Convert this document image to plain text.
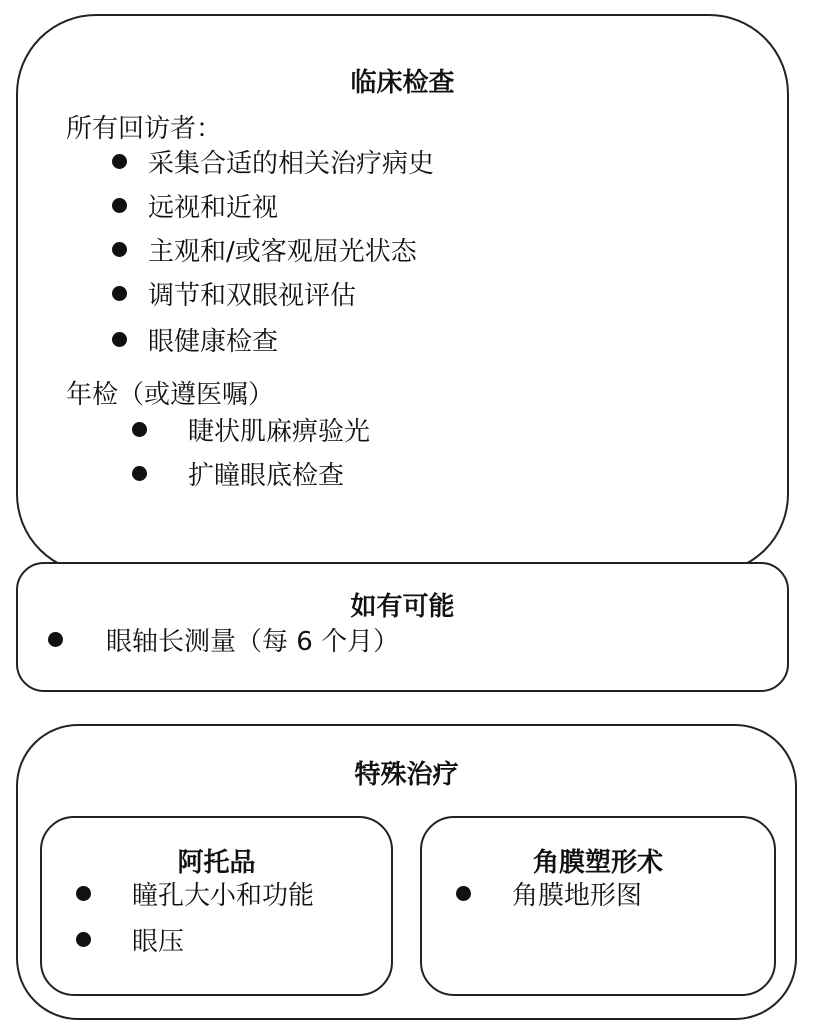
临床检查
所有回访者：
采集合适的相关治疗病史
远视和近视
主观和/或客观屈光状态
调节和双眼视评估
眼健康检查
年检（或遵医嘱）
睫状肌麻痹验光
扩瞳眼底检查
如有可能
眼轴长测量（每 6 个月）
特殊治疗
阿托品
瞳孔大小和功能
眼压
角膜塑形术
角膜地形图
